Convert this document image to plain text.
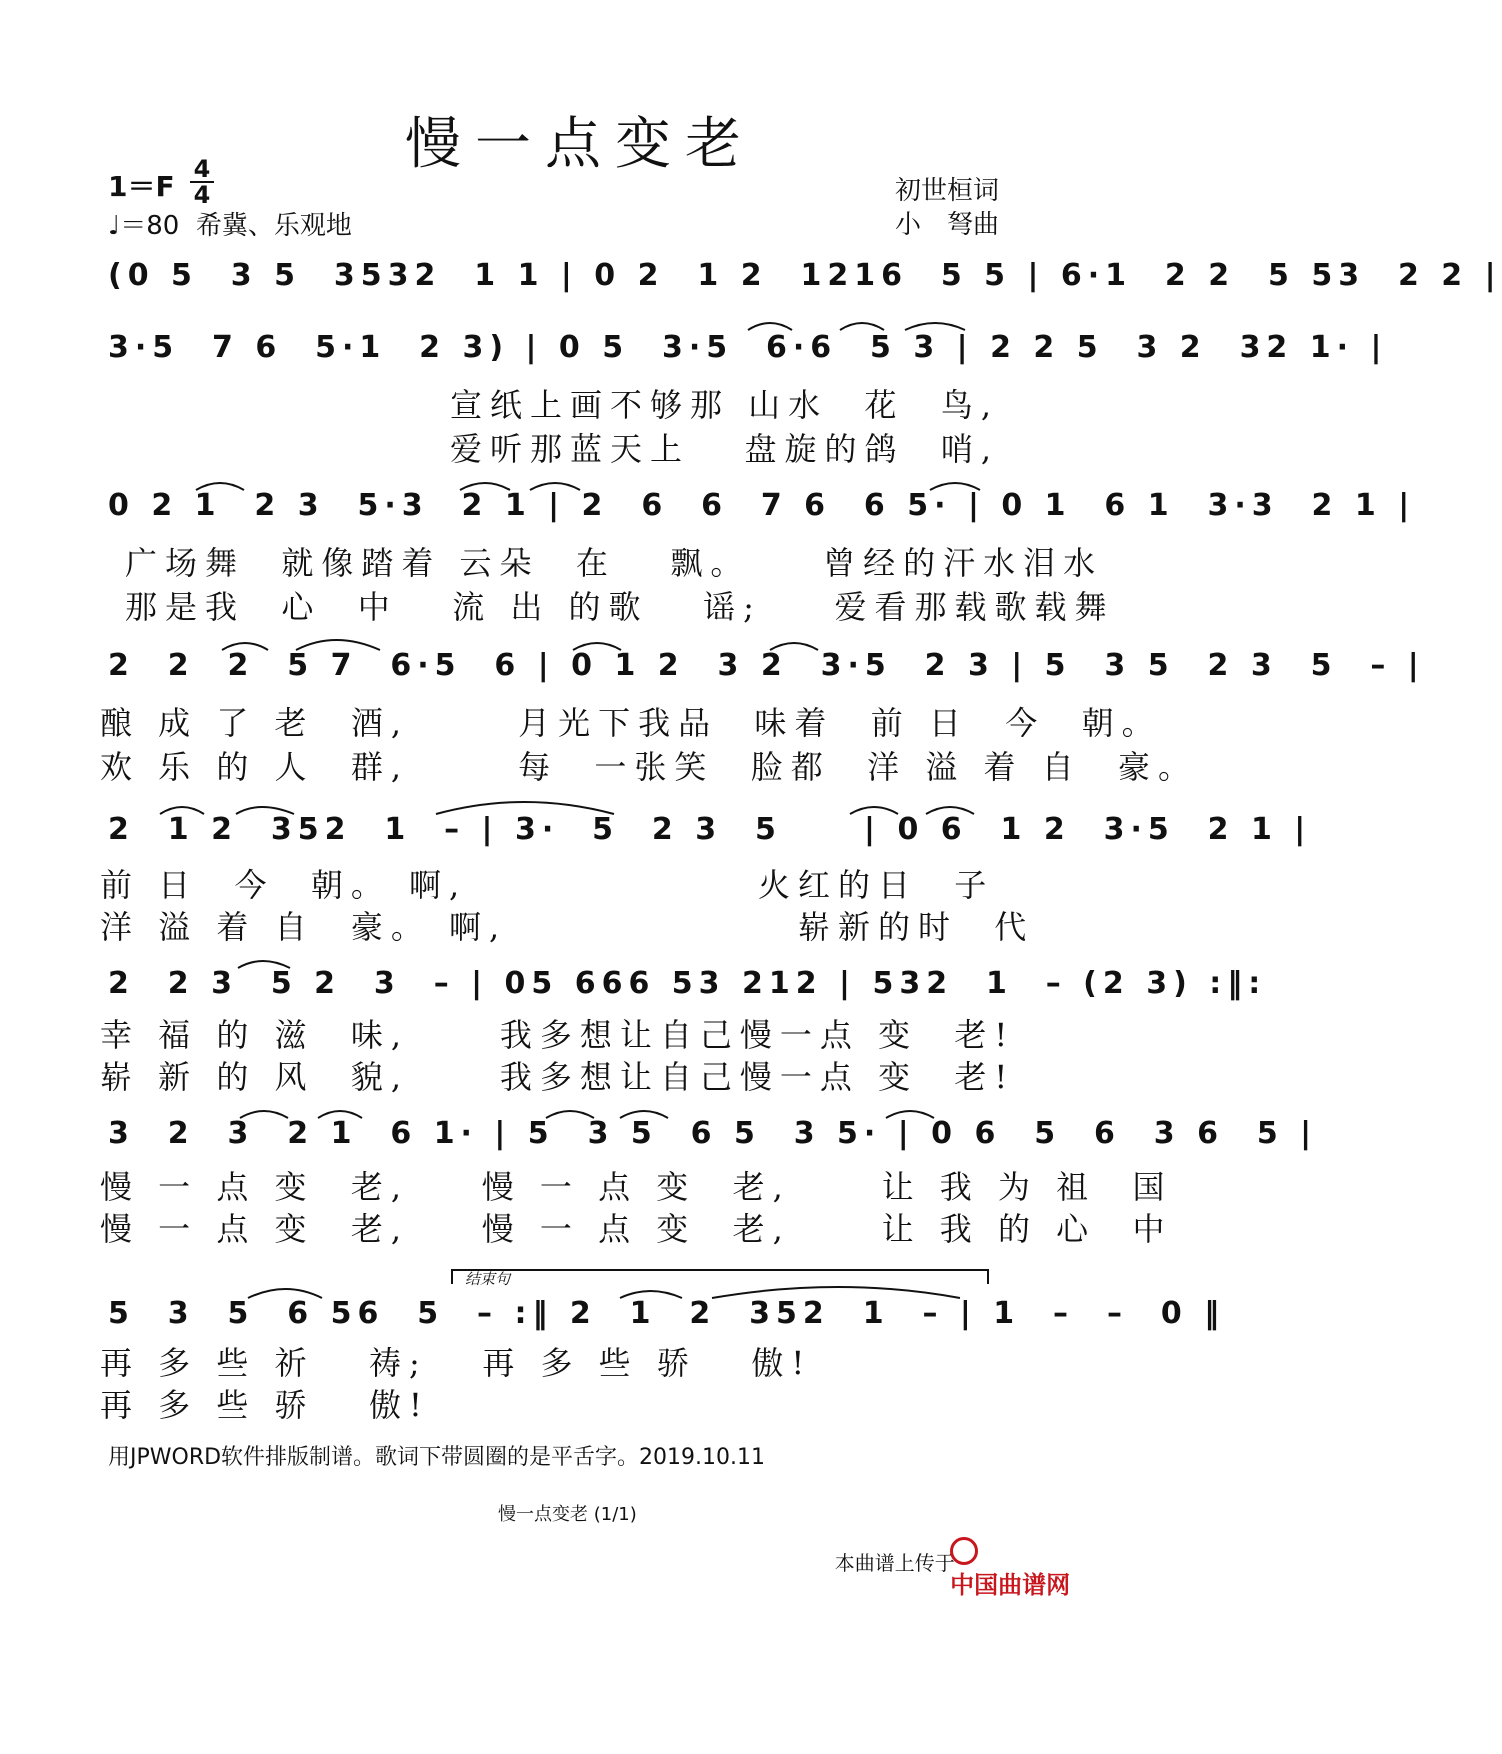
慢一点变老
1＝F
4
4
♩＝80  希冀、乐观地
初世桓词
小　弩曲
(0 5  3 5  3532  1 1 | 0 2  1 2  1216  5 5 | 6·1  2 2  5 53  2 2 |
3·5  7 6  5·1  2 3) | 0 5  3·5  6·6  5 3 | 2 2 5  3 2  32 1· |
宣纸上画不够那 山水  花  鸟,
爱听那蓝天上   盘旋的鸽  哨,
0 2 1  2 3  5·3  2 1 | 2  6  6  7 6  6 5· | 0 1  6 1  3·3  2 1 |
广场舞  就像踏着 云朵  在   飘。    曾经的汗水泪水
那是我  心  中   流 出 的歌   谣;    爱看那载歌载舞
2  2  2  5 7  6·5  6 | 0 1 2  3 2  3·5  2 3 | 5  3 5  2 3  5  – |
酿 成 了 老  酒,      月光下我品  味着  前 日  今  朝。
欢 乐 的 人  群,      每  一张笑  脸都  洋 溢 着 自  豪。
2  1 2  352  1  – | 3·  5  2 3  5     | 0 6  1 2  3·5  2 1 |
前 日  今  朝。 啊,                火红的日  子
洋 溢 着 自  豪。 啊,                崭新的时  代
2  2 3  5 2  3  – | 05 666 53 212 | 532  1  – (2 3) :‖:
幸 福 的 滋  味,     我多想让自己慢一点 变  老!
崭 新 的 风  貌,     我多想让自己慢一点 变  老!
3  2  3  2 1  6 1· | 5  3 5  6 5  3 5· | 0 6  5  6  3 6  5 |
慢 一 点 变  老,    慢 一 点 变  老,     让 我 为 祖  国
慢 一 点 变  老,    慢 一 点 变  老,     让 我 的 心  中
结束句
5  3  5  6 56  5  – :‖ 2  1  2  352  1  – | 1  –  –  0 ‖
再 多 些 祈   祷;   再 多 些 骄   傲!
再 多 些 骄   傲!
用JPWORD软件排版制谱。歌词下带圆圈的是平舌字。2019.10.11
慢一点变老 (1/1)

本曲谱上传于

中国曲谱网
